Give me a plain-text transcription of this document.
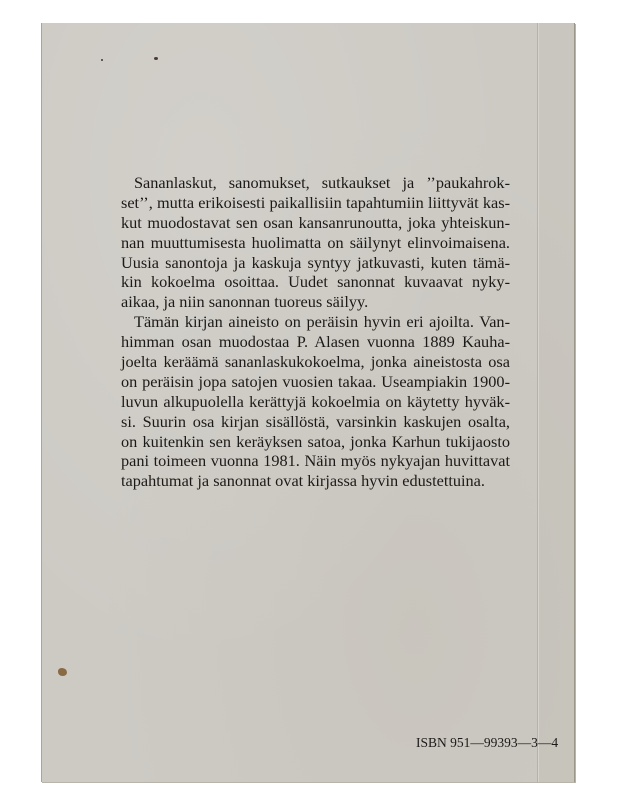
Sananlaskut, sanomukset, sutkaukset ja ’’paukahrok-
set’’, mutta erikoisesti paikallisiin tapahtumiin liittyvät kas-
kut muodostavat sen osan kansanrunoutta, joka yhteiskun-
nan muuttumisesta huolimatta on säilynyt elinvoimaisena.
Uusia sanontoja ja kaskuja syntyy jatkuvasti, kuten tämä-
kin kokoelma osoittaa. Uudet sanonnat kuvaavat nyky-
aikaa, ja niin sanonnan tuoreus säilyy.
Tämän kirjan aineisto on peräisin hyvin eri ajoilta. Van-
himman osan muodostaa P. Alasen vuonna 1889 Kauha-
joelta keräämä sananlaskukokoelma, jonka aineistosta osa
on peräisin jopa satojen vuosien takaa. Useampiakin 1900-
luvun alkupuolella kerättyjä kokoelmia on käytetty hyväk-
si. Suurin osa kirjan sisällöstä, varsinkin kaskujen osalta,
on kuitenkin sen keräyksen satoa, jonka Karhun tukijaosto
pani toimeen vuonna 1981. Näin myös nykyajan huvittavat
tapahtumat ja sanonnat ovat kirjassa hyvin edustettuina.
ISBN 951—99393—3—4
